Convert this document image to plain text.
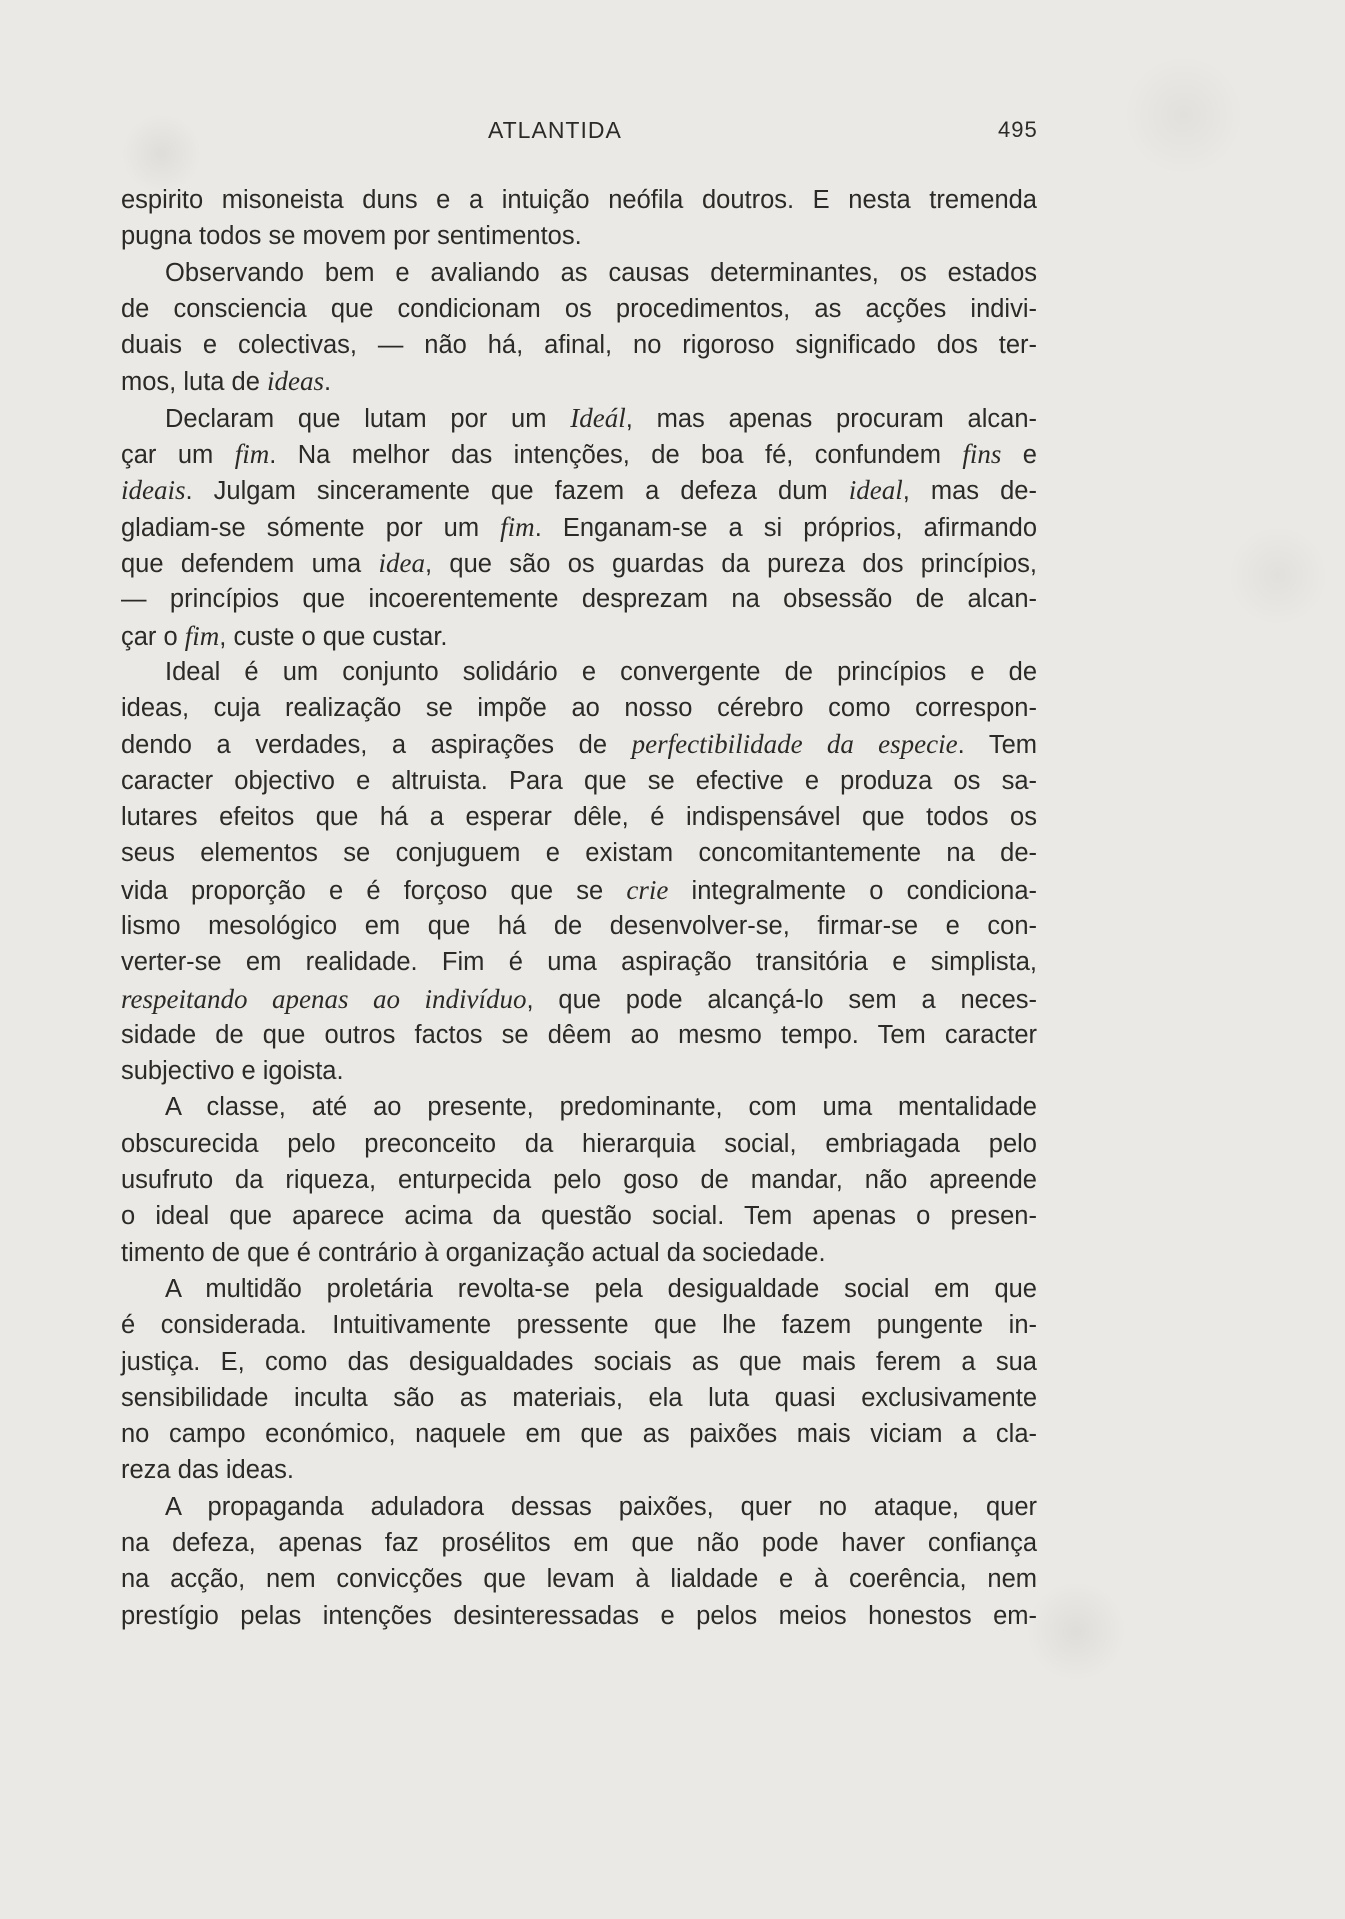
ATLANTIDA	495
espirito misoneista duns e a intuição neófila doutros. E nesta tremenda
pugna todos se movem por sentimentos.
Observando bem e avaliando as causas determinantes, os estados
de consciencia que condicionam os procedimentos, as acções indivi-
duais e colectivas, — não há, afinal, no rigoroso significado dos ter-
mos, luta de ideas.
Declaram que lutam por um Ideál, mas apenas procuram alcan-
çar um fim. Na melhor das intenções, de boa fé, confundem fins e
ideais. Julgam sinceramente que fazem a defeza dum ideal, mas de-
gladiam-se sómente por um fim. Enganam-se a si próprios, afirmando
que defendem uma idea, que são os guardas da pureza dos princípios,
— princípios que incoerentemente desprezam na obsessão de alcan-
çar o fim, custe o que custar.
Ideal é um conjunto solidário e convergente de princípios e de
ideas, cuja realização se impõe ao nosso cérebro como correspon-
dendo a verdades, a aspirações de perfectibilidade da especie. Tem
caracter objectivo e altruista. Para que se efective e produza os sa-
lutares efeitos que há a esperar dêle, é indispensável que todos os
seus elementos se conjuguem e existam concomitantemente na de-
vida proporção e é forçoso que se crie integralmente o condiciona-
lismo mesológico em que há de desenvolver-se, firmar-se e con-
verter-se em realidade. Fim é uma aspiração transitória e simplista,
respeitando apenas ao indivíduo, que pode alcançá-lo sem a neces-
sidade de que outros factos se dêem ao mesmo tempo. Tem caracter
subjectivo e igoista.
A classe, até ao presente, predominante, com uma mentalidade
obscurecida pelo preconceito da hierarquia social, embriagada pelo
usufruto da riqueza, enturpecida pelo goso de mandar, não apreende
o ideal que aparece acima da questão social. Tem apenas o presen-
timento de que é contrário à organização actual da sociedade.
A multidão proletária revolta-se pela desigualdade social em que
é considerada. Intuitivamente pressente que lhe fazem pungente in-
justiça. E, como das desigualdades sociais as que mais ferem a sua
sensibilidade inculta são as materiais, ela luta quasi exclusivamente
no campo económico, naquele em que as paixões mais viciam a cla-
reza das ideas.
A propaganda aduladora dessas paixões, quer no ataque, quer
na defeza, apenas faz prosélitos em que não pode haver confiança
na acção, nem convicções que levam à lialdade e à coerência, nem
prestígio pelas intenções desinteressadas e pelos meios honestos em-
